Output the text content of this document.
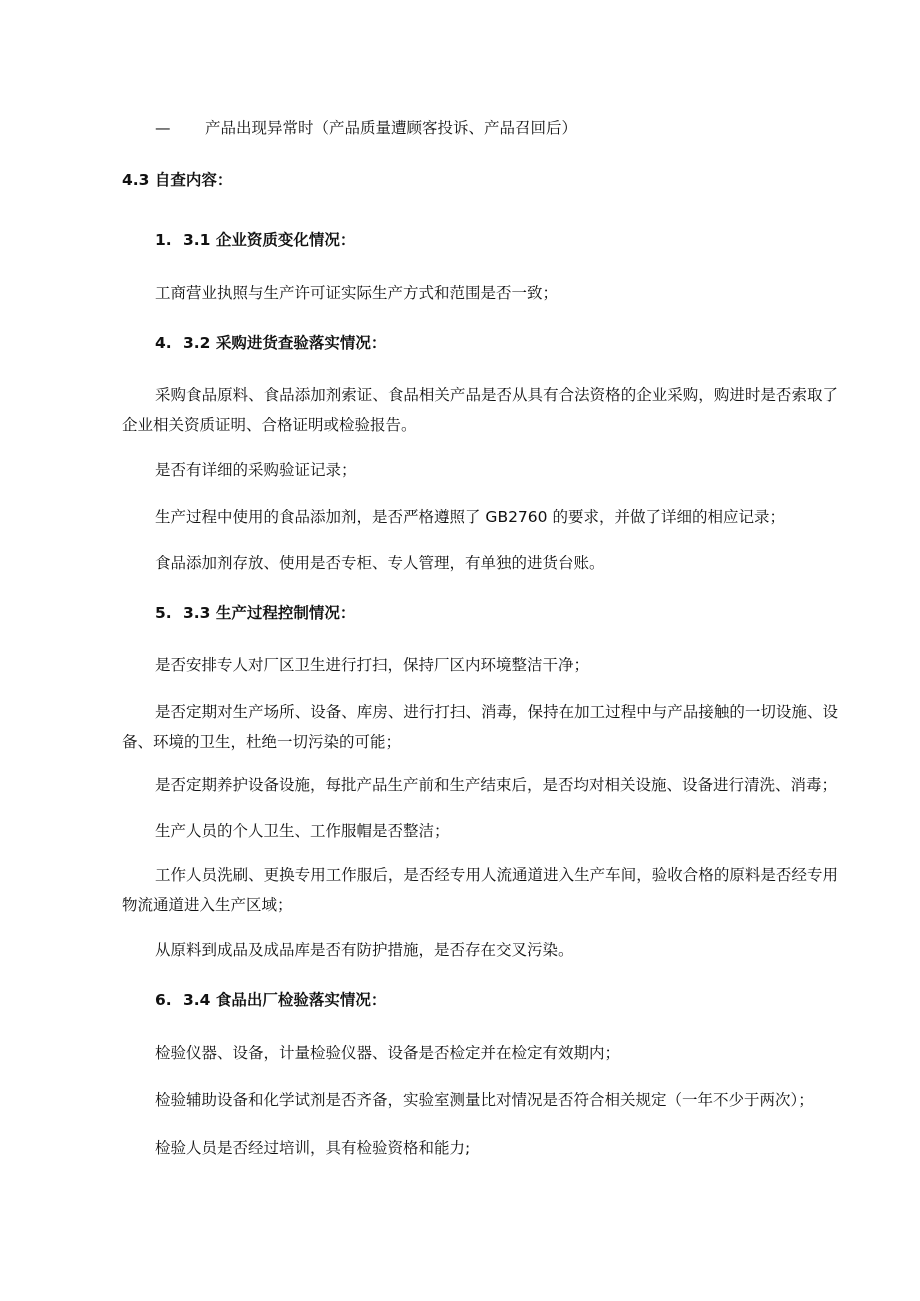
— 产品出现异常时（产品质量遭顾客投诉、产品召回后）
4.3 自查内容：
1. 3.1 企业资质变化情况：
工商营业执照与生产许可证实际生产方式和范围是否一致；
4. 3.2 采购进货查验落实情况：
采购食品原料、食品添加剂索证、食品相关产品是否从具有合法资格的企业采购，购进时是否索取了企业相关资质证明、合格证明或检验报告。
是否有详细的采购验证记录；
生产过程中使用的食品添加剂，是否严格遵照了 GB2760 的要求，并做了详细的相应记录；
食品添加剂存放、使用是否专柜、专人管理，有单独的进货台账。
5. 3.3 生产过程控制情况：
是否安排专人对厂区卫生进行打扫，保持厂区内环境整洁干净；
是否定期对生产场所、设备、库房、进行打扫、消毒，保持在加工过程中与产品接触的一切设施、设备、环境的卫生，杜绝一切污染的可能；
是否定期养护设备设施，每批产品生产前和生产结束后，是否均对相关设施、设备进行清洗、消毒；
生产人员的个人卫生、工作服帽是否整洁；
工作人员洗刷、更换专用工作服后，是否经专用人流通道进入生产车间，验收合格的原料是否经专用物流通道进入生产区域；
从原料到成品及成品库是否有防护措施，是否存在交叉污染。
6. 3.4 食品出厂检验落实情况：
检验仪器、设备，计量检验仪器、设备是否检定并在检定有效期内；
检验辅助设备和化学试剂是否齐备，实验室测量比对情况是否符合相关规定（一年不少于两次）；
检验人员是否经过培训，具有检验资格和能力;
